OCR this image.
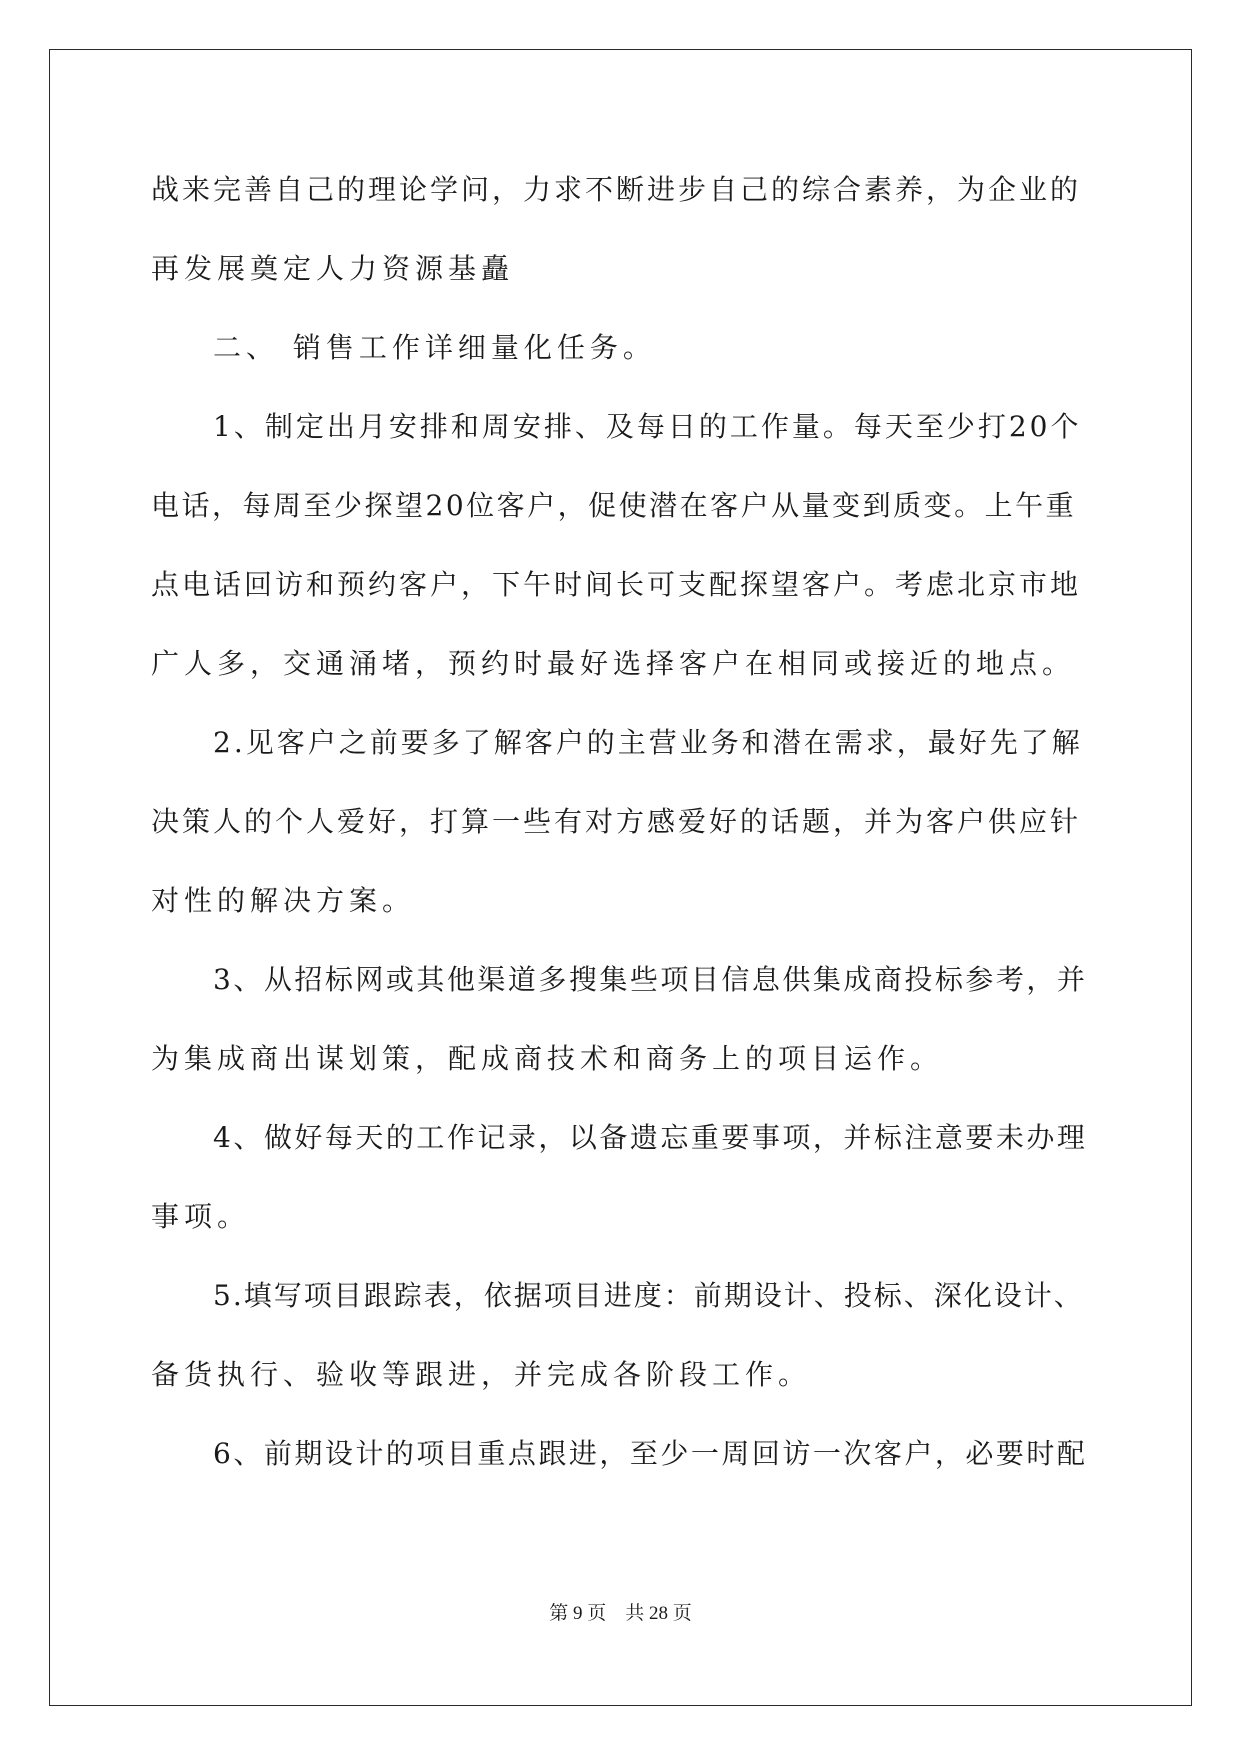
战来完善自己的理论学问，力求不断进步自己的综合素养，为企业的
再发展奠定人力资源基矗
二、 销售工作详细量化任务。
1、制定出月安排和周安排、及每日的工作量。每天至少打20个
电话，每周至少探望20位客户，促使潜在客户从量变到质变。上午重
点电话回访和预约客户，下午时间长可支配探望客户。考虑北京市地
广人多，交通涌堵，预约时最好选择客户在相同或接近的地点。
2.见客户之前要多了解客户的主营业务和潜在需求，最好先了解
决策人的个人爱好，打算一些有对方感爱好的话题，并为客户供应针
对性的解决方案。
3、从招标网或其他渠道多搜集些项目信息供集成商投标参考，并
为集成商出谋划策，配成商技术和商务上的项目运作。
4、做好每天的工作记录，以备遗忘重要事项，并标注意要未办理
事项。
5.填写项目跟踪表，依据项目进度：前期设计、投标、深化设计、
备货执行、验收等跟进，并完成各阶段工作。
6、前期设计的项目重点跟进，至少一周回访一次客户，必要时配
第 9 页　共 28 页
